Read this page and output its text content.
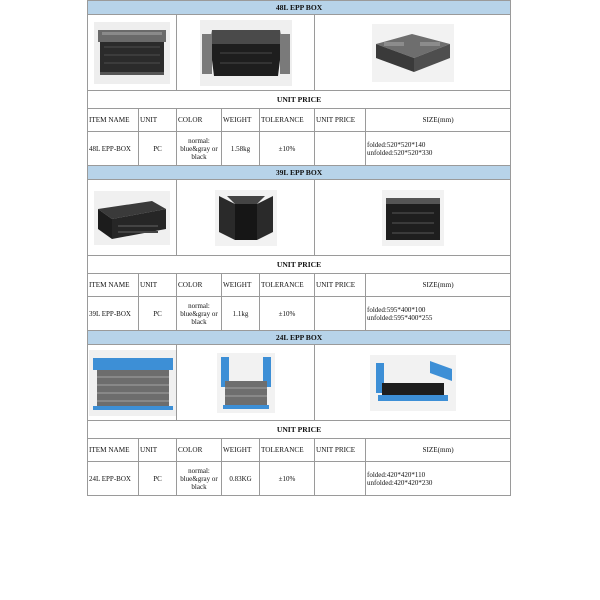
48L EPP BOX						

UNIT PRICE						
ITEM NAME	UNIT	COLOR	WEIGHT	TOLERANCE	UNIT PRICE	SIZE(mm)
48L EPP-BOX	PC	normal: blue&gray or black	1.58kg	±10%		folded:520*520*140
unfolded:520*520*330

39L EPP BOX						

UNIT PRICE						
ITEM NAME	UNIT	COLOR	WEIGHT	TOLERANCE	UNIT PRICE	SIZE(mm)
39L EPP-BOX	PC	normal: blue&gray or black	1.1kg	±10%		folded:595*400*100
unfolded:595*400*255

24L EPP BOX						

UNIT PRICE						
ITEM NAME	UNIT	COLOR	WEIGHT	TOLERANCE	UNIT PRICE	SIZE(mm)
24L EPP-BOX	PC	normal: blue&gray or black	0.83KG	±10%		folded:420*420*110
unfolded:420*420*230
